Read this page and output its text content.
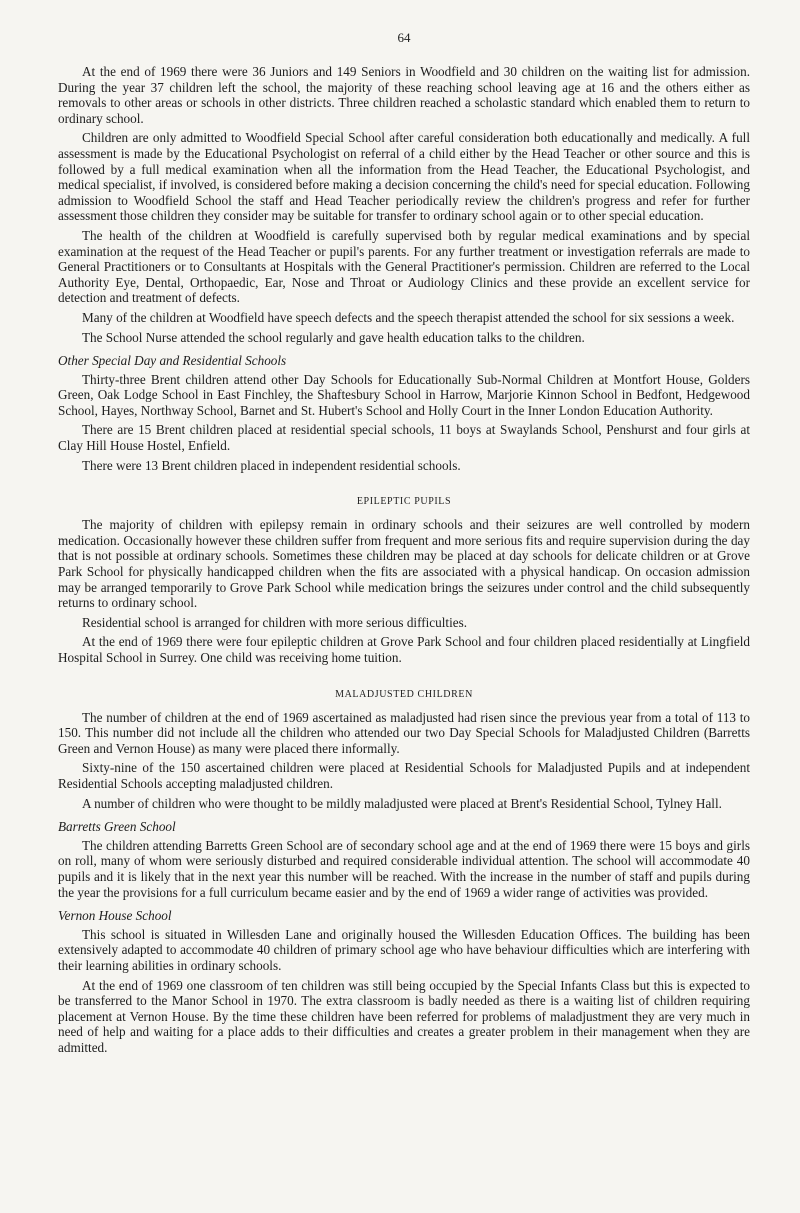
64

At the end of 1969 there were 36 Juniors and 149 Seniors in Woodfield and 30 children on the waiting list for admission. During the year 37 children left the school, the majority of these reaching school leaving age at 16 and the others either as removals to other areas or schools in other districts. Three children reached a scholastic standard which enabled them to return to ordinary school.

Children are only admitted to Woodfield Special School after careful consideration both educationally and medically. A full assessment is made by the Educational Psychologist on referral of a child either by the Head Teacher or other source and this is followed by a full medical examination when all the information from the Head Teacher, the Educational Psychologist, and medical specialist, if involved, is considered before making a decision concerning the child's need for special education. Following admission to Woodfield School the staff and Head Teacher periodically review the children's progress and refer for further assessment those children they consider may be suitable for transfer to ordinary school again or to other special education.

The health of the children at Woodfield is carefully supervised both by regular medical examinations and by special examination at the request of the Head Teacher or pupil's parents. For any further treatment or investigation referrals are made to General Practitioners or to Consultants at Hospitals with the General Practitioner's permission. Children are referred to the Local Authority Eye, Dental, Orthopaedic, Ear, Nose and Throat or Audiology Clinics and these provide an excellent service for detection and treatment of defects.

Many of the children at Woodfield have speech defects and the speech therapist attended the school for six sessions a week.

The School Nurse attended the school regularly and gave health education talks to the children.

Other Special Day and Residential Schools

Thirty-three Brent children attend other Day Schools for Educationally Sub-Normal Children at Montfort House, Golders Green, Oak Lodge School in East Finchley, the Shaftesbury School in Harrow, Marjorie Kinnon School in Bedfont, Hedgewood School, Hayes, Northway School, Barnet and St. Hubert's School and Holly Court in the Inner London Education Authority.

There are 15 Brent children placed at residential special schools, 11 boys at Swaylands School, Penshurst and four girls at Clay Hill House Hostel, Enfield.

There were 13 Brent children placed in independent residential schools.

EPILEPTIC PUPILS

The majority of children with epilepsy remain in ordinary schools and their seizures are well controlled by modern medication. Occasionally however these children suffer from frequent and more serious fits and require supervision during the day that is not possible at ordinary schools. Sometimes these children may be placed at day schools for delicate children or at Grove Park School for physically handicapped children when the fits are associated with a physical handicap. On occasion admission may be arranged temporarily to Grove Park School while medication brings the seizures under control and the child subsequently returns to ordinary school.

Residential school is arranged for children with more serious difficulties.

At the end of 1969 there were four epileptic children at Grove Park School and four children placed residentially at Lingfield Hospital School in Surrey. One child was receiving home tuition.

MALADJUSTED CHILDREN

The number of children at the end of 1969 ascertained as maladjusted had risen since the previous year from a total of 113 to 150. This number did not include all the children who attended our two Day Special Schools for Maladjusted Children (Barretts Green and Vernon House) as many were placed there informally.

Sixty-nine of the 150 ascertained children were placed at Residential Schools for Maladjusted Pupils and at independent Residential Schools accepting maladjusted children.

A number of children who were thought to be mildly maladjusted were placed at Brent's Residential School, Tylney Hall.

Barretts Green School

The children attending Barretts Green School are of secondary school age and at the end of 1969 there were 15 boys and girls on roll, many of whom were seriously disturbed and required considerable individual attention. The school will accommodate 40 pupils and it is likely that in the next year this number will be reached. With the increase in the number of staff and pupils during the year the provisions for a full curriculum became easier and by the end of 1969 a wider range of activities was provided.

Vernon House School

This school is situated in Willesden Lane and originally housed the Willesden Education Offices. The building has been extensively adapted to accommodate 40 children of primary school age who have behaviour difficulties which are interfering with their learning abilities in ordinary schools.

At the end of 1969 one classroom of ten children was still being occupied by the Special Infants Class but this is expected to be transferred to the Manor School in 1970. The extra classroom is badly needed as there is a waiting list of children requiring placement at Vernon House. By the time these children have been referred for problems of maladjustment they are very much in need of help and waiting for a place adds to their difficulties and creates a greater problem in their management when they are admitted.
